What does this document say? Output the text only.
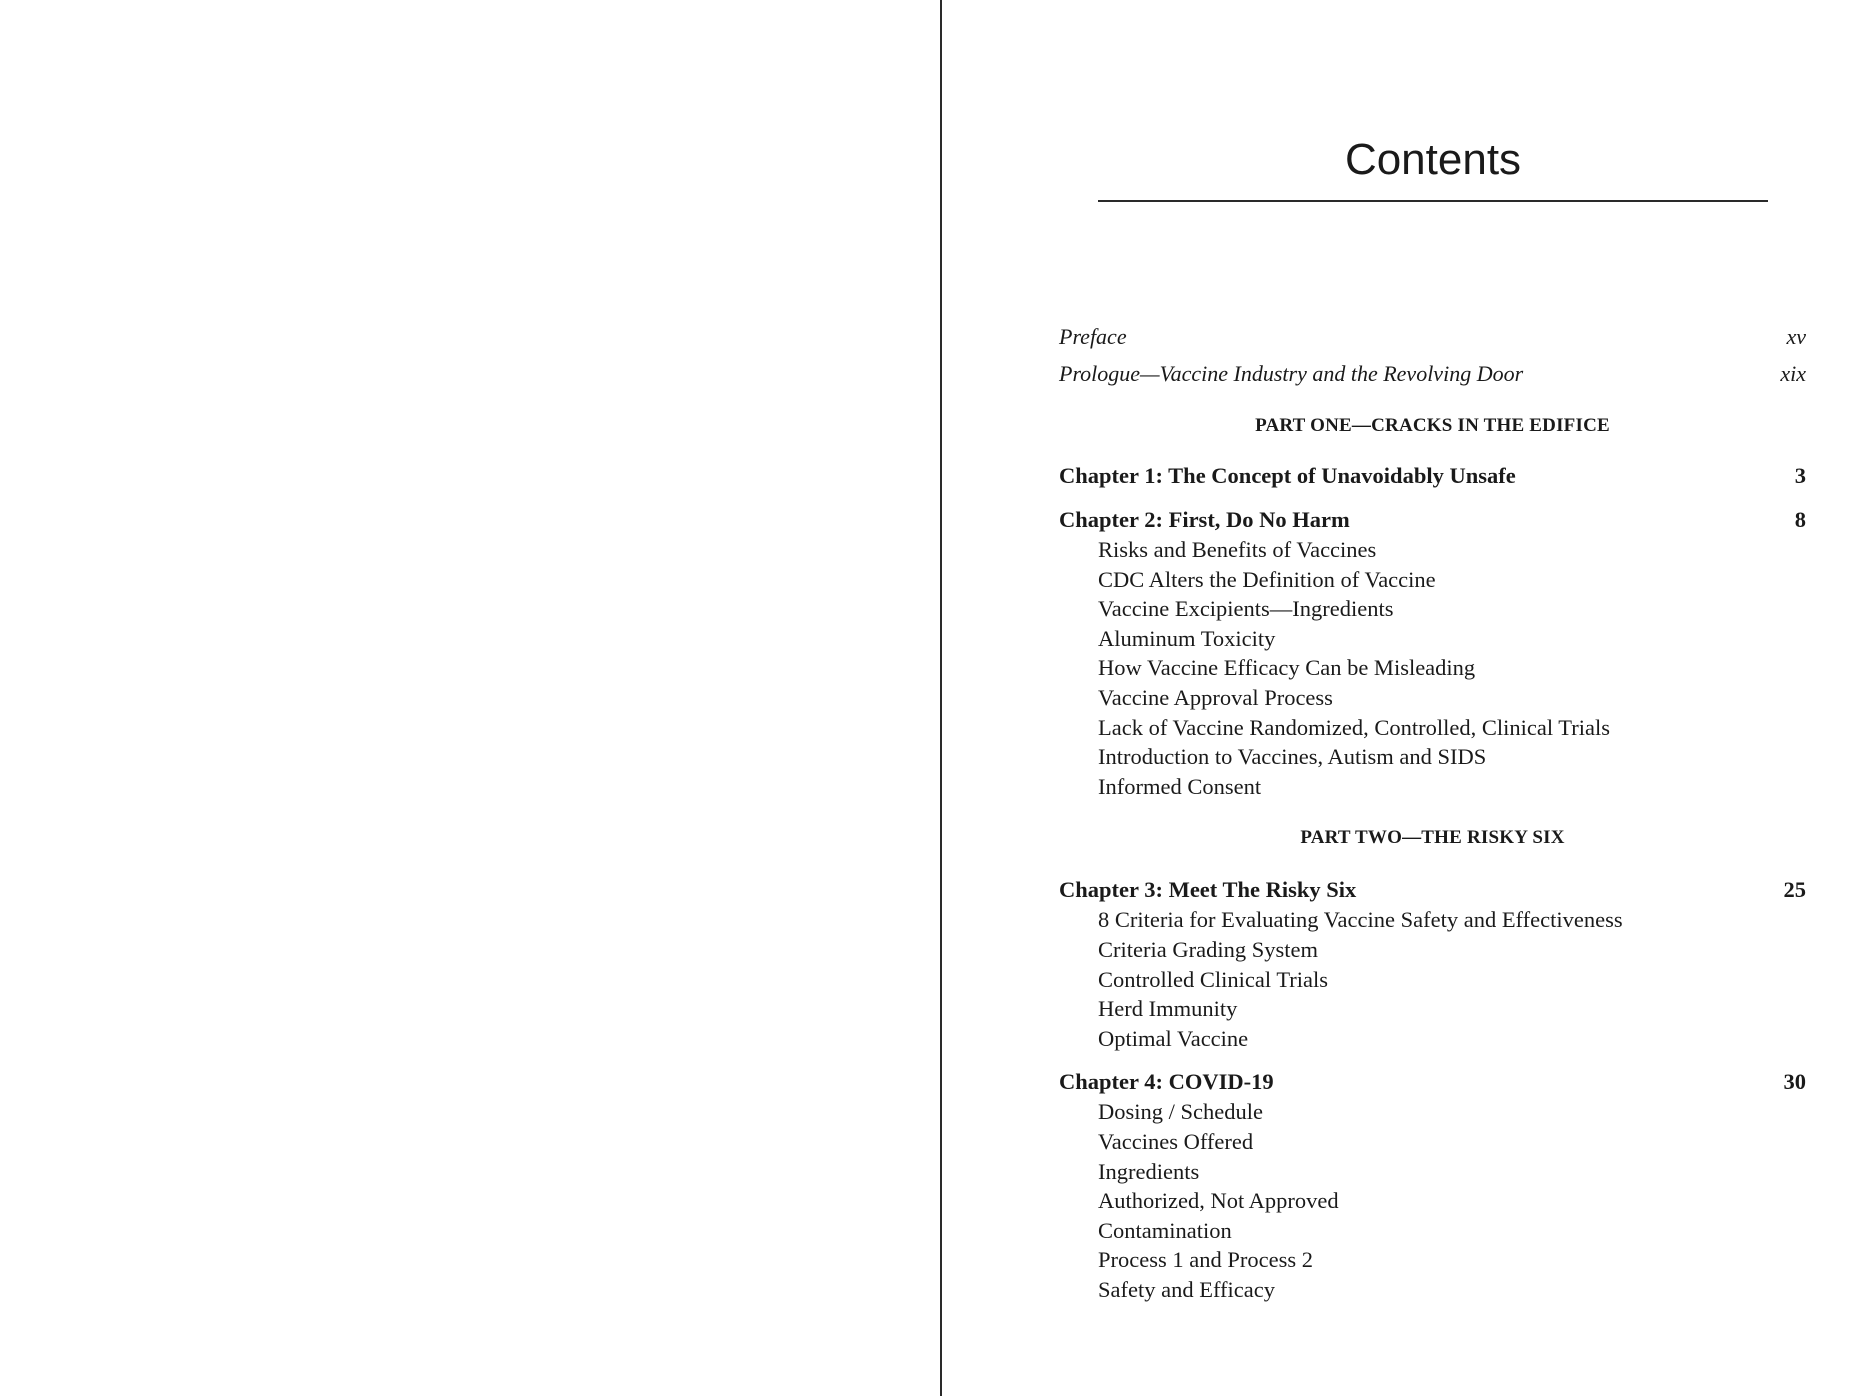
Contents
Preface	xv
Prologue—Vaccine Industry and the Revolving Door	xix
PART ONE—CRACKS IN THE EDIFICE
Chapter 1: The Concept of Unavoidably Unsafe	3
Chapter 2: First, Do No Harm	8
Risks and Benefits of Vaccines
CDC Alters the Definition of Vaccine
Vaccine Excipients—Ingredients
Aluminum Toxicity
How Vaccine Efficacy Can be Misleading
Vaccine Approval Process
Lack of Vaccine Randomized, Controlled, Clinical Trials
Introduction to Vaccines, Autism and SIDS
Informed Consent
PART TWO—THE RISKY SIX
Chapter 3: Meet The Risky Six	25
8 Criteria for Evaluating Vaccine Safety and Effectiveness
Criteria Grading System
Controlled Clinical Trials
Herd Immunity
Optimal Vaccine
Chapter 4: COVID-19	30
Dosing / Schedule
Vaccines Offered
Ingredients
Authorized, Not Approved
Contamination
Process 1 and Process 2
Safety and Efficacy
